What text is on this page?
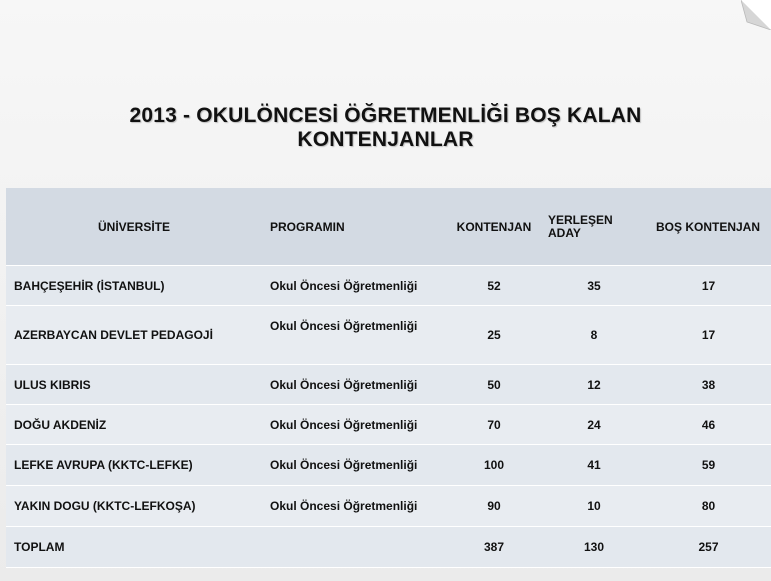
2013 - OKULÖNCESİ ÖĞRETMENLİĞİ BOŞ KALAN
KONTENJANLAR
ÜNİVERSİTE	PROGRAMIN	KONTENJAN	YERLEŞEN ADAY	BOŞ KONTENJAN
BAHÇEŞEHİR (İSTANBUL)	Okul Öncesi Öğretmenliği	52	35	17
AZERBAYCAN DEVLET PEDAGOJİ	Okul Öncesi Öğretmenliği	25	8	17
ULUS KIBRIS	Okul Öncesi Öğretmenliği	50	12	38
DOĞU AKDENİZ	Okul Öncesi Öğretmenliği	70	24	46
LEFKE AVRUPA (KKTC-LEFKE)	Okul Öncesi Öğretmenliği	100	41	59
YAKIN DOGU (KKTC-LEFKOŞA)	Okul Öncesi Öğretmenliği	90	10	80
TOPLAM		387	130	257
